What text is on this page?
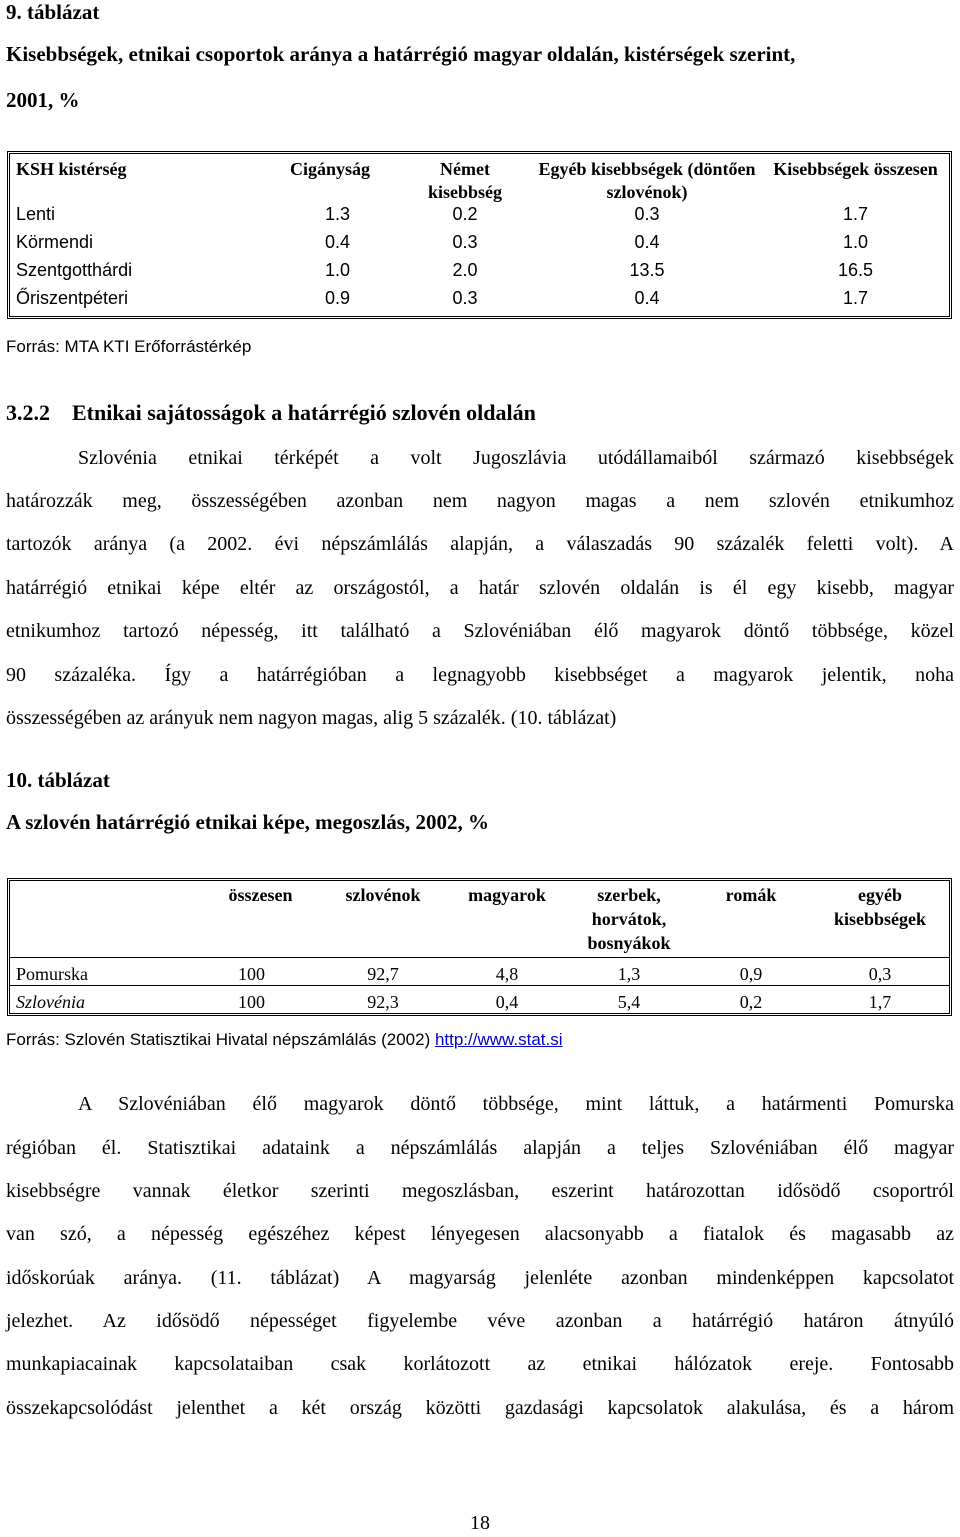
9. táblázat
Kisebbségek, etnikai csoportok aránya a határrégió magyar oldalán, kistérségek szerint,
2001, %
KSH kistérség	Cigányság	Német kisebbség	Egyéb kisebbségek (döntően szlovénok)	Kisebbségek összesen
Lenti	1.3	0.2	0.3	1.7
Körmendi	0.4	0.3	0.4	1.0
Szentgotthárdi	1.0	2.0	13.5	16.5
Őriszentpéteri	0.9	0.3	0.4	1.7
Forrás: MTA KTI Erőforrástérkép
3.2.2 Etnikai sajátosságok a határrégió szlovén oldalán
Szlovénia etnikai térképét a volt Jugoszlávia utódállamaiból származó kisebbségek
határozzák meg, összességében azonban nem nagyon magas a nem szlovén etnikumhoz
tartozók aránya (a 2002. évi népszámlálás alapján, a válaszadás 90 százalék feletti volt). A
határrégió etnikai képe eltér az országostól, a határ szlovén oldalán is él egy kisebb, magyar
etnikumhoz tartozó népesség, itt található a Szlovéniában élő magyarok döntő többsége, közel
90 százaléka. Így a határrégióban a legnagyobb kisebbséget a magyarok jelentik, noha
összességében az arányuk nem nagyon magas, alig 5 százalék. (10. táblázat)
10. táblázat
A szlovén határrégió etnikai képe, megoszlás, 2002, %
	összesen	szlovénok	magyarok	szerbek, horvátok, bosnyákok	romák	egyéb kisebbségek
Pomurska	100	92,7	4,8	1,3	0,9	0,3
Szlovénia	100	92,3	0,4	5,4	0,2	1,7
Forrás: Szlovén Statisztikai Hivatal népszámlálás (2002) http://www.stat.si
A Szlovéniában élő magyarok döntő többsége, mint láttuk, a határmenti Pomurska
régióban él. Statisztikai adataink a népszámlálás alapján a teljes Szlovéniában élő magyar
kisebbségre vannak életkor szerinti megoszlásban, eszerint határozottan idősödő csoportról
van szó, a népesség egészéhez képest lényegesen alacsonyabb a fiatalok és magasabb az
időskorúak aránya. (11. táblázat) A magyarság jelenléte azonban mindenképpen kapcsolatot
jelezhet. Az idősödő népességet figyelembe véve azonban a határrégió határon átnyúló
munkapiacainak kapcsolataiban csak korlátozott az etnikai hálózatok ereje. Fontosabb
összekapcsolódást jelenthet a két ország közötti gazdasági kapcsolatok alakulása, és a három
18
